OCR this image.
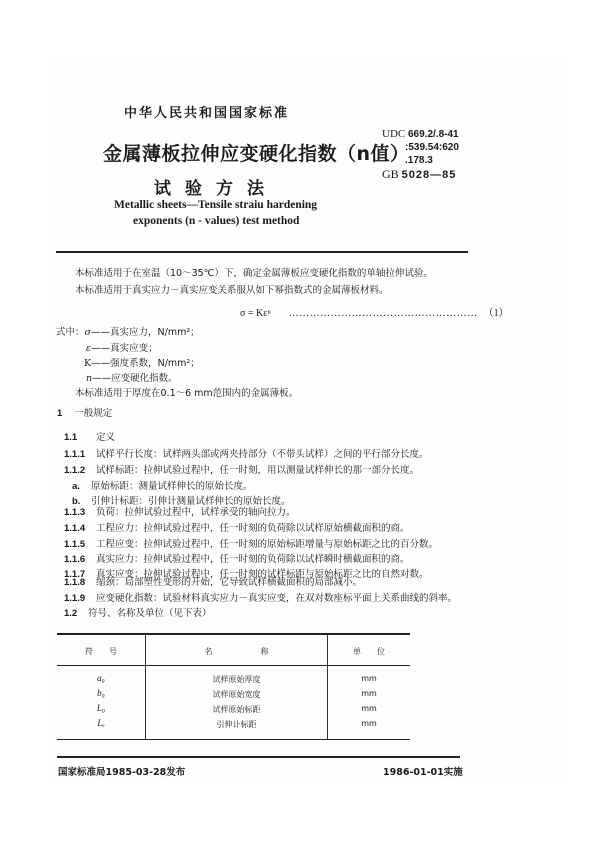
中华人民共和国国家标准
金属薄板拉伸应变硬化指数（n值）
试验方法
Metallic sheets—Tensile straiu hardening
exponents (n - values) test method
UDC 669.2/.8-41
:539.54:620
.178.3
GB 5028—85
本标准适用于在室温（10～35℃）下，确定金属薄板应变硬化指数的单轴拉伸试验。
本标准适用于真实应力－真实应变关系服从如下幂指数式的金属薄板材料。
σ = Kεⁿ ……………………………………………… （1）
式中：σ——真实应力，N/mm²；
ε——真实应变；
K——强度系数，N/mm²；
n——应变硬化指数。
本标准适用于厚度在0.1～6 mm范围内的金属薄板。
1 一般规定
1.1 定义
1.1.1 试样平行长度：试样两头部或两夹持部分（不带头试样）之间的平行部分长度。
1.1.2 试样标距：拉伸试验过程中，任一时刻，用以测量试样伸长的那一部分长度。
a. 原始标距：测量试样伸长的原始长度。
b. 引伸计标距：引伸计测量试样伸长的原始长度。
1.1.3 负荷：拉伸试验过程中，试样承受的轴向拉力。
1.1.4 工程应力：拉伸试验过程中，任一时刻的负荷除以试样原始横截面积的商。
1.1.5 工程应变：拉伸试验过程中，任一时刻的原始标距增量与原始标距之比的百分数。
1.1.6 真实应力：拉伸试验过程中，任一时刻的负荷除以试样瞬时横截面积的商。
1.1.7 真实应变：拉伸试验过程中，任一时刻的试样标距与原始标距之比的自然对数。
1.1.8 缩颈：局部塑性变形的开始，它导致试样横截面积的局部减小。
1.1.9 应变硬化指数：试验材料真实应力－真实应变，在双对数座标平面上关系曲线的斜率。
1.2 符号、名称及单位（见下表）
符　　号	名　　　　　　称	单　　位
a₀	试样原始厚度	mm
b₀	试样原始宽度	mm
L₀	试样原始标距	mm
Lₑ	引伸计标距	mm
国家标准局1985-03-28发布	1986-01-01实施
